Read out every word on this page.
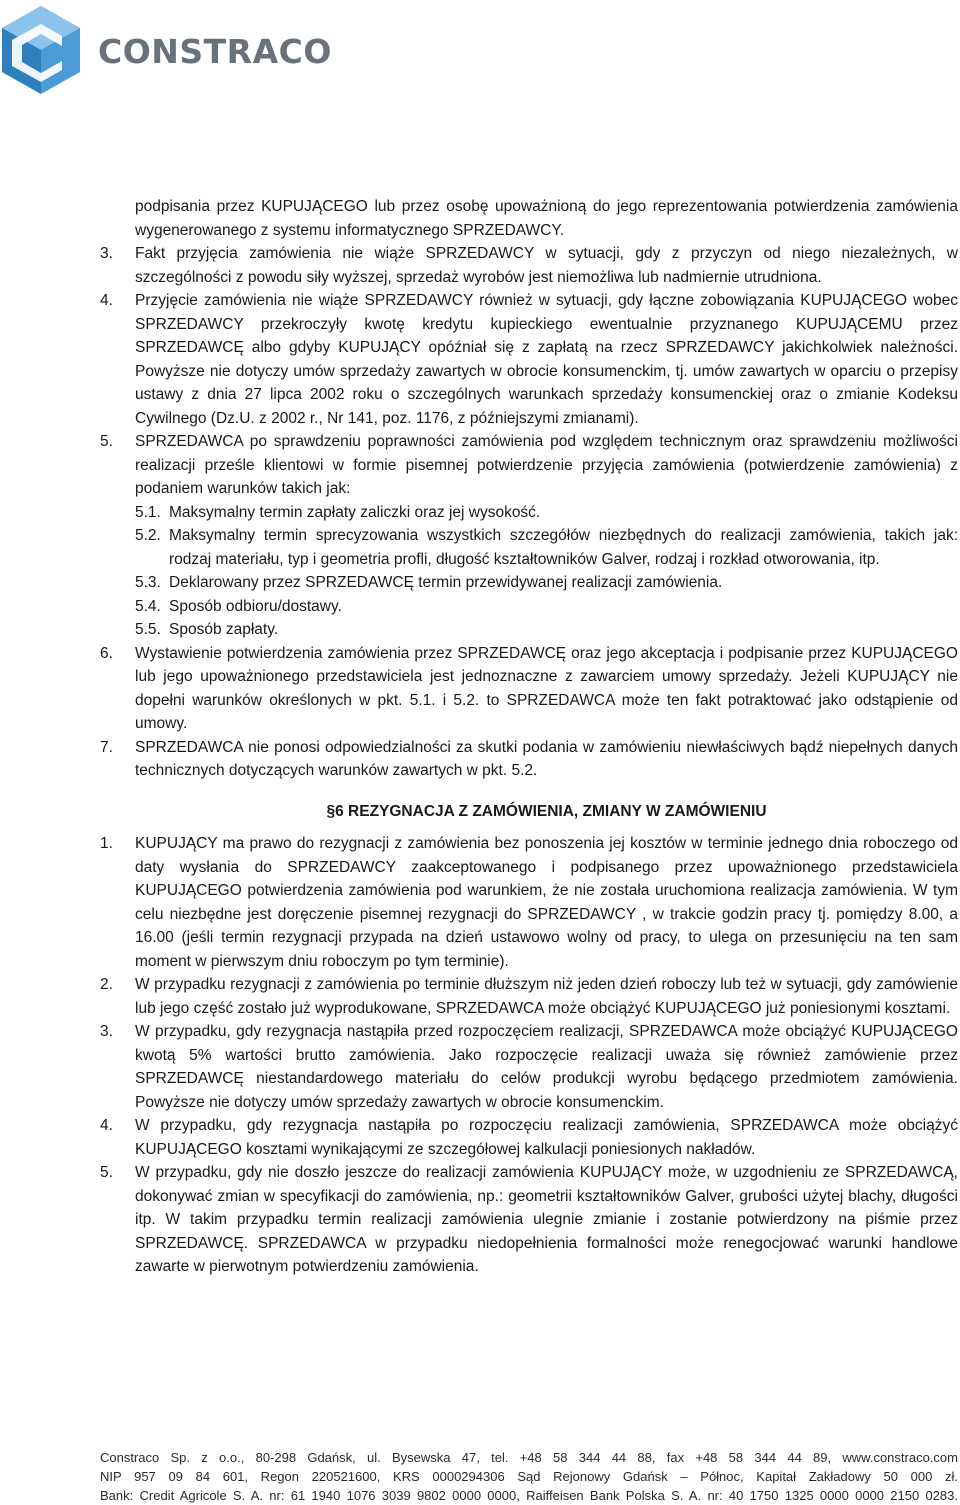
CONSTRACO

podpisania przez KUPUJĄCEGO lub przez osobę upoważnioną do jego reprezentowania potwierdzenia zamówienia wygenerowanego z systemu informatycznego SPRZEDAWCY.

3.	Fakt przyjęcia zamówienia nie wiąże SPRZEDAWCY w sytuacji, gdy z przyczyn od niego niezależnych, w szczególności z powodu siły wyższej, sprzedaż wyrobów jest niemożliwa lub nadmiernie utrudniona.
4.	Przyjęcie zamówienia nie wiąże SPRZEDAWCY również w sytuacji, gdy łączne zobowiązania KUPUJĄCEGO wobec SPRZEDAWCY przekroczyły kwotę kredytu kupieckiego ewentualnie przyznanego KUPUJĄCEMU przez SPRZEDAWCĘ albo gdyby KUPUJĄCY opóźniał się z zapłatą na rzecz SPRZEDAWCY jakichkolwiek należności. Powyższe nie dotyczy umów sprzedaży zawartych w obrocie konsumenckim, tj. umów zawartych w oparciu o przepisy ustawy z dnia 27 lipca 2002 roku o szczególnych warunkach sprzedaży konsumenckiej oraz o zmianie Kodeksu Cywilnego (Dz.U. z 2002 r., Nr 141, poz. 1176, z późniejszymi zmianami).
5.	SPRZEDAWCA po sprawdzeniu poprawności zamówienia pod względem technicznym oraz sprawdzeniu możliwości realizacji prześle klientowi w formie pisemnej potwierdzenie przyjęcia zamówienia (potwierdzenie zamówienia) z podaniem warunków takich jak:
5.1. Maksymalny termin zapłaty zaliczki oraz jej wysokość.
5.2. Maksymalny termin sprecyzowania wszystkich szczegółów niezbędnych do realizacji zamówienia, takich jak: rodzaj materiału, typ i geometria profli, długość kształtowników Galver, rodzaj i rozkład otworowania, itp.
5.3. Deklarowany przez SPRZEDAWCĘ termin przewidywanej realizacji zamówienia.
5.4. Sposób odbioru/dostawy.
5.5. Sposób zapłaty.
6.	Wystawienie potwierdzenia zamówienia przez SPRZEDAWCĘ oraz jego akceptacja i podpisanie przez KUPUJĄCEGO lub jego upoważnionego przedstawiciela jest jednoznaczne z zawarciem umowy sprzedaży. Jeżeli KUPUJĄCY nie dopełni warunków określonych w pkt. 5.1. i 5.2. to SPRZEDAWCA może ten fakt potraktować jako odstąpienie od umowy.
7.	SPRZEDAWCA nie ponosi odpowiedzialności za skutki podania w zamówieniu niewłaściwych bądź niepełnych danych technicznych dotyczących warunków zawartych w pkt. 5.2.
§6 REZYGNACJA Z ZAMÓWIENIA, ZMIANY W ZAMÓWIENIU
1.	KUPUJĄCY ma prawo do rezygnacji z zamówienia bez ponoszenia jej kosztów w terminie jednego dnia roboczego od daty wysłania do SPRZEDAWCY zaakceptowanego i podpisanego przez upoważnionego przedstawiciela KUPUJĄCEGO potwierdzenia zamówienia pod warunkiem, że nie została uruchomiona realizacja zamówienia. W tym celu niezbędne jest doręczenie pisemnej rezygnacji do SPRZEDAWCY , w trakcie godzin pracy tj. pomiędzy 8.00, a 16.00 (jeśli termin rezygnacji przypada na dzień ustawowo wolny od pracy, to ulega on przesunięciu na ten sam moment w pierwszym dniu roboczym po tym terminie).
2.	W przypadku rezygnacji z zamówienia po terminie dłuższym niż jeden dzień roboczy lub też w sytuacji, gdy zamówienie lub jego część zostało już wyprodukowane, SPRZEDAWCA może obciążyć KUPUJĄCEGO już poniesionymi kosztami.
3.	W przypadku, gdy rezygnacja nastąpiła przed rozpoczęciem realizacji, SPRZEDAWCA może obciążyć KUPUJĄCEGO kwotą 5% wartości brutto zamówienia. Jako rozpoczęcie realizacji uważa się również zamówienie przez SPRZEDAWCĘ niestandardowego materiału do celów produkcji wyrobu będącego przedmiotem zamówienia. Powyższe nie dotyczy umów sprzedaży zawartych w obrocie konsumenckim.
4.	W przypadku, gdy rezygnacja nastąpiła po rozpoczęciu realizacji zamówienia, SPRZEDAWCA może obciążyć KUPUJĄCEGO kosztami wynikającymi ze szczegółowej kalkulacji poniesionych nakładów.
5.	W przypadku, gdy nie doszło jeszcze do realizacji zamówienia KUPUJĄCY może, w uzgodnieniu ze SPRZEDAWCĄ, dokonywać zmian w specyfikacji do zamówienia, np.: geometrii kształtowników Galver, grubości użytej blachy, długości itp. W takim przypadku termin realizacji zamówienia ulegnie zmianie i zostanie potwierdzony na piśmie przez SPRZEDAWCĘ. SPRZEDAWCA w przypadku niedopełnienia formalności może renegocjować warunki handlowe zawarte w pierwotnym potwierdzeniu zamówienia.

Constraco Sp. z o.o., 80-298 Gdańsk, ul. Bysewska 47, tel. +48 58 344 44 88, fax +48 58 344 44 89, www.constraco.com

NIP 957 09 84 601, Regon 220521600, KRS 0000294306 Sąd Rejonowy Gdańsk – Północ, Kapitał Zakładowy 50 000 zł.

Bank: Credit Agricole S. A. nr: 61 1940 1076 3039 9802 0000 0000, Raiffeisen Bank Polska S. A. nr: 40 1750 1325 0000 0000 2150 0283.
